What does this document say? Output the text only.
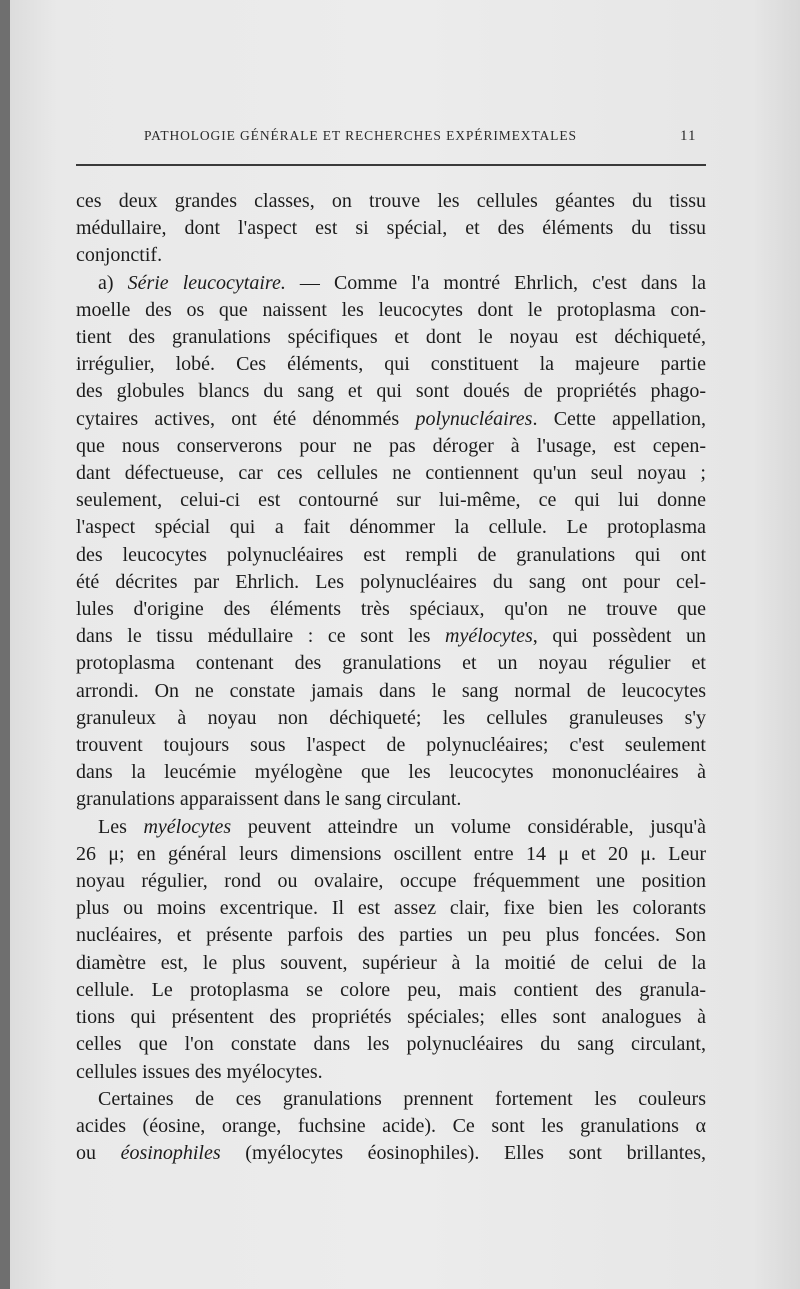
PATHOLOGIE GÉNÉRALE ET RECHERCHES EXPÉRIMEXTALES	11

ces deux grandes classes, on trouve les cellules géantes du tissu

médullaire, dont l'aspect est si spécial, et des éléments du tissu

conjonctif.

a) Série leucocytaire. — Comme l'a montré Ehrlich, c'est dans la

moelle des os que naissent les leucocytes dont le protoplasma con-

tient des granulations spécifiques et dont le noyau est déchiqueté,

irrégulier, lobé. Ces éléments, qui constituent la majeure partie

des globules blancs du sang et qui sont doués de propriétés phago-

cytaires actives, ont été dénommés polynucléaires. Cette appellation,

que nous conserverons pour ne pas déroger à l'usage, est cepen-

dant défectueuse, car ces cellules ne contiennent qu'un seul noyau ;

seulement, celui-ci est contourné sur lui-même, ce qui lui donne

l'aspect spécial qui a fait dénommer la cellule. Le protoplasma

des leucocytes polynucléaires est rempli de granulations qui ont

été décrites par Ehrlich. Les polynucléaires du sang ont pour cel-

lules d'origine des éléments très spéciaux, qu'on ne trouve que

dans le tissu médullaire : ce sont les myélocytes, qui possèdent un

protoplasma contenant des granulations et un noyau régulier et

arrondi. On ne constate jamais dans le sang normal de leucocytes

granuleux à noyau non déchiqueté; les cellules granuleuses s'y

trouvent toujours sous l'aspect de polynucléaires; c'est seulement

dans la leucémie myélogène que les leucocytes mononucléaires à

granulations apparaissent dans le sang circulant.

Les myélocytes peuvent atteindre un volume considérable, jusqu'à

26 μ; en général leurs dimensions oscillent entre 14 μ et 20 μ. Leur

noyau régulier, rond ou ovalaire, occupe fréquemment une position

plus ou moins excentrique. Il est assez clair, fixe bien les colorants

nucléaires, et présente parfois des parties un peu plus foncées. Son

diamètre est, le plus souvent, supérieur à la moitié de celui de la

cellule. Le protoplasma se colore peu, mais contient des granula-

tions qui présentent des propriétés spéciales; elles sont analogues à

celles que l'on constate dans les polynucléaires du sang circulant,

cellules issues des myélocytes.

Certaines de ces granulations prennent fortement les couleurs

acides (éosine, orange, fuchsine acide). Ce sont les granulations α

ou éosinophiles (myélocytes éosinophiles). Elles sont brillantes,
